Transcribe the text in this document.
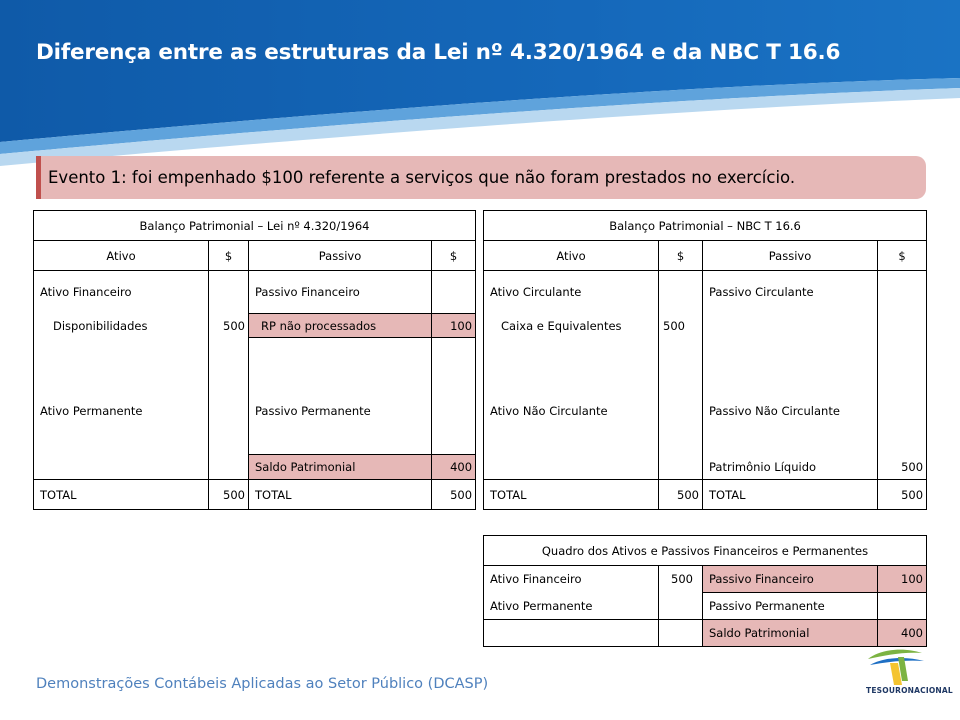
Diferença entre as estruturas da Lei nº 4.320/1964 e da NBC T 16.6
Evento 1: foi empenhado $100 referente a serviços que não foram prestados no exercício.
Balanço Patrimonial – Lei nº 4.320/1964			
Ativo	$	Passivo	$
Ativo Financeiro		Passivo Financeiro	
Disponibilidades	500	RP não processados	100

Ativo Permanente		Passivo Permanente	

		Saldo Patrimonial	400
TOTAL	500	TOTAL	500
Balanço Patrimonial – NBC T 16.6			
Ativo	$	Passivo	$
Ativo Circulante		Passivo Circulante	
Caixa e Equivalentes	500		

Ativo Não Circulante		Passivo Não Circulante	

		Patrimônio Líquido	500
TOTAL	500	TOTAL	500
Quadro dos Ativos e Passivos Financeiros e Permanentes			
Ativo Financeiro	500	Passivo Financeiro	100
Ativo Permanente		Passivo Permanente	
		Saldo Patrimonial	400
Demonstrações Contábeis Aplicadas ao Setor Público (DCASP)	TESOURONACIONAL
